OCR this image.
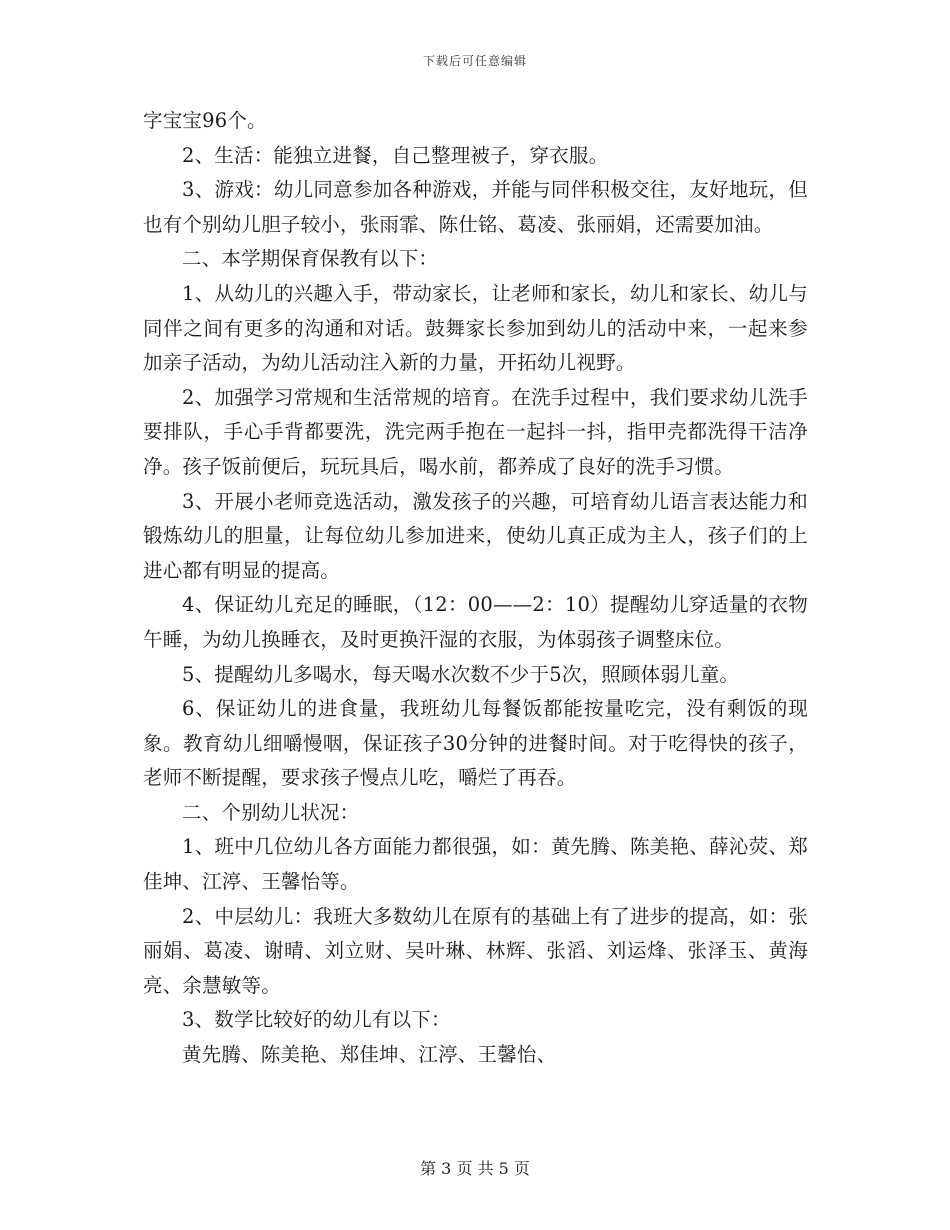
下载后可任意编辑

字宝宝96个。

2、生活：能独立进餐，自己整理被子，穿衣服。

3、游戏：幼儿同意参加各种游戏，并能与同伴积极交往，友好地玩，但也有个别幼儿胆子较小，张雨霏、陈仕铭、葛凌、张丽娟，还需要加油。

二、本学期保育保教有以下：

1、从幼儿的兴趣入手，带动家长，让老师和家长，幼儿和家长、幼儿与同伴之间有更多的沟通和对话。鼓舞家长参加到幼儿的活动中来，一起来参加亲子活动，为幼儿活动注入新的力量，开拓幼儿视野。

2、加强学习常规和生活常规的培育。在洗手过程中，我们要求幼儿洗手要排队，手心手背都要洗，洗完两手抱在一起抖一抖，指甲壳都洗得干洁净净。孩子饭前便后，玩玩具后，喝水前，都养成了良好的洗手习惯。

3、开展小老师竞选活动，激发孩子的兴趣，可培育幼儿语言表达能力和锻炼幼儿的胆量，让每位幼儿参加进来，使幼儿真正成为主人，孩子们的上进心都有明显的提高。

4、保证幼儿充足的睡眠，（12：00——2：10）提醒幼儿穿适量的衣物午睡，为幼儿换睡衣，及时更换汗湿的衣服，为体弱孩子调整床位。

5、提醒幼儿多喝水，每天喝水次数不少于5次，照顾体弱儿童。

6、保证幼儿的进食量，我班幼儿每餐饭都能按量吃完，没有剩饭的现象。教育幼儿细嚼慢咽，保证孩子30分钟的进餐时间。对于吃得快的孩子，老师不断提醒，要求孩子慢点儿吃，嚼烂了再吞。

二、个别幼儿状况：

1、班中几位幼儿各方面能力都很强，如：黄先腾、陈美艳、薛沁荧、郑佳坤、江渟、王馨怡等。

2、中层幼儿：我班大多数幼儿在原有的基础上有了进步的提高，如：张丽娟、葛凌、谢晴、刘立财、吴叶琳、林辉、张滔、刘运烽、张泽玉、黄海亮、余慧敏等。

3、数学比较好的幼儿有以下：

黄先腾、陈美艳、郑佳坤、江渟、王馨怡、

第 3 页 共 5 页
